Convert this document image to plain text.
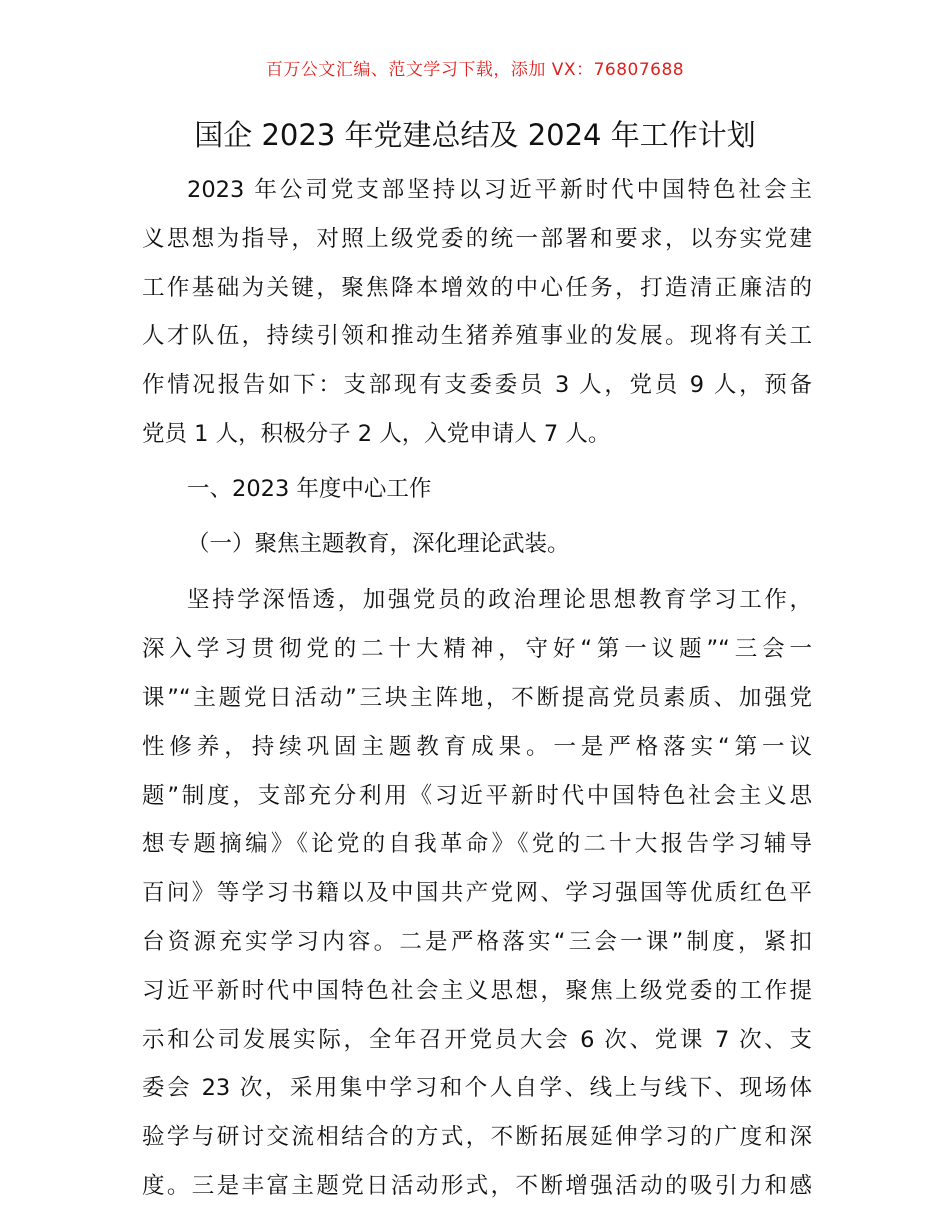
百万公文汇编、范文学习下载，添加 VX：76807688
国企 2023 年党建总结及 2024 年工作计划
2023 年公司党支部坚持以习近平新时代中国特色社会主
义思想为指导，对照上级党委的统一部署和要求，以夯实党建
工作基础为关键，聚焦降本增效的中心任务，打造清正廉洁的
人才队伍，持续引领和推动生猪养殖事业的发展。现将有关工
作情况报告如下：支部现有支委委员 3 人，党员 9 人，预备
党员 1 人，积极分子 2 人，入党申请人 7 人。
一、2023 年度中心工作
（一）聚焦主题教育，深化理论武装。
坚持学深悟透，加强党员的政治理论思想教育学习工作，
深入学习贯彻党的二十大精神，守好“第一议题”“三会一
课”“主题党日活动”三块主阵地，不断提高党员素质、加强党
性修养，持续巩固主题教育成果。一是严格落实“第一议
题”制度，支部充分利用《习近平新时代中国特色社会主义思
想专题摘编》《论党的自我革命》《党的二十大报告学习辅导
百问》等学习书籍以及中国共产党网、学习强国等优质红色平
台资源充实学习内容。二是严格落实“三会一课”制度，紧扣
习近平新时代中国特色社会主义思想，聚焦上级党委的工作提
示和公司发展实际，全年召开党员大会 6 次、党课 7 次、支
委会 23 次，采用集中学习和个人自学、线上与线下、现场体
验学与研讨交流相结合的方式，不断拓展延伸学习的广度和深
度。三是丰富主题党日活动形式，不断增强活动的吸引力和感
